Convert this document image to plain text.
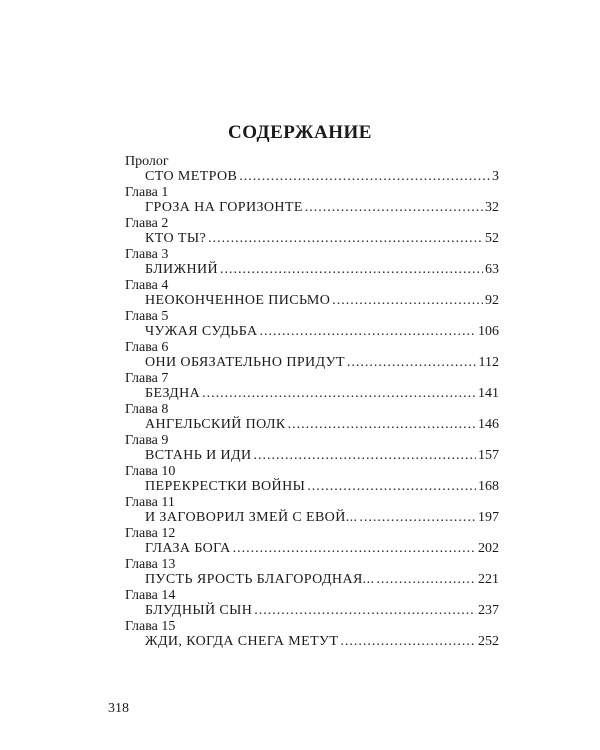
СОДЕРЖАНИЕ
Пролог
СТО МЕТРОВ .....	3
Глава 1
ГРОЗА НА ГОРИЗОНТЕ .....	32
Глава 2
КТО ТЫ? .....	52
Глава 3
БЛИЖНИЙ .....	63
Глава 4
НЕОКОНЧЕННОЕ ПИСЬМО .....	92
Глава 5
ЧУЖАЯ СУДЬБА .....	106
Глава 6
ОНИ ОБЯЗАТЕЛЬНО ПРИДУТ .....	112
Глава 7
БЕЗДНА .....	141
Глава 8
АНГЕЛЬСКИЙ ПОЛК .....	146
Глава 9
ВСТАНЬ И ИДИ .....	157
Глава 10
ПЕРЕКРЕСТКИ ВОЙНЫ .....	168
Глава 11
И ЗАГОВОРИЛ ЗМЕЙ С ЕВОЙ... .....	197
Глава 12
ГЛАЗА БОГА .....	202
Глава 13
ПУСТЬ ЯРОСТЬ БЛАГОРОДНАЯ... .....	221
Глава 14
БЛУДНЫЙ СЫН .....	237
Глава 15
ЖДИ, КОГДА СНЕГА МЕТУТ .....	252
318
